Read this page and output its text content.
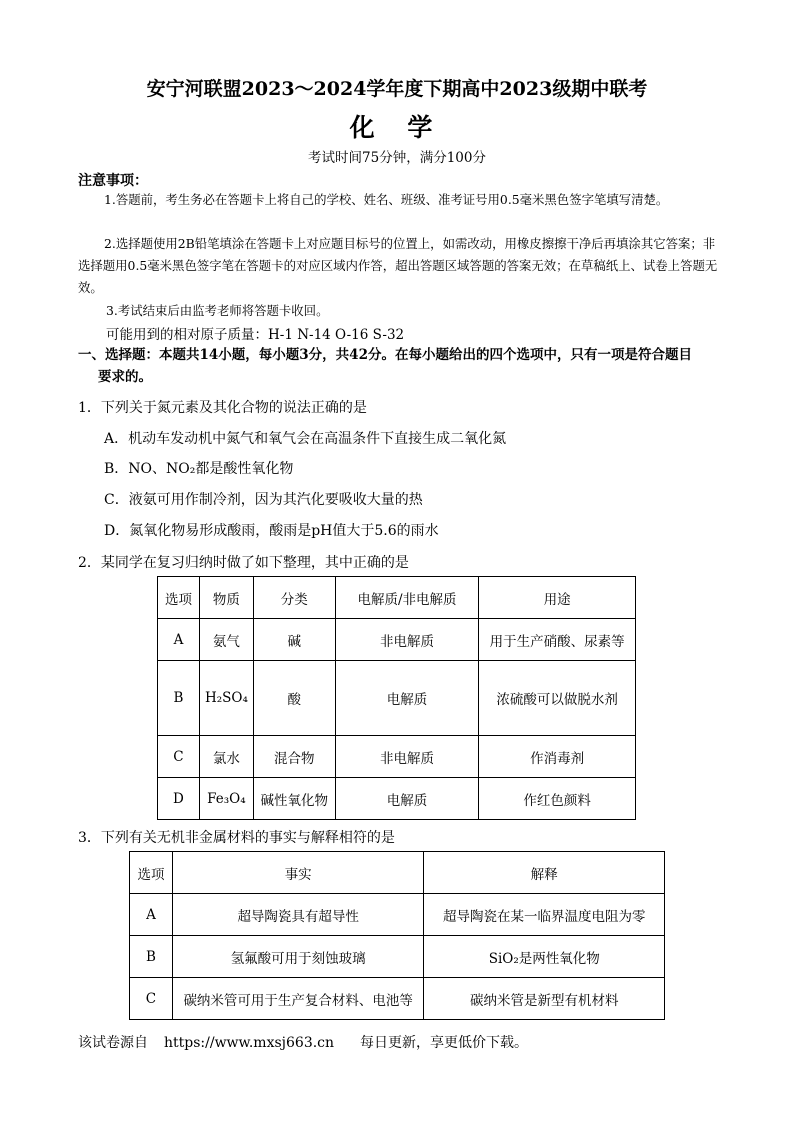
安宁河联盟2023～2024学年度下期高中2023级期中联考
化 学
考试时间75分钟，满分100分
注意事项：
1.答题前，考生务必在答题卡上将自己的学校、姓名、班级、准考证号用0.5毫米黑色签字笔填写清楚。
2.选择题使用2B铅笔填涂在答题卡上对应题目标号的位置上，如需改动，用橡皮擦擦干净后再填涂其它答案；非选择题用0.5毫米黑色签字笔在答题卡的对应区域内作答，超出答题区域答题的答案无效；在草稿纸上、试卷上答题无效。
3.考试结束后由监考老师将答题卡收回。
可能用到的相对原子质量：H-1 N-14 O-16 S-32
一、选择题：本题共14小题，每小题3分，共42分。在每小题给出的四个选项中，只有一项是符合题目
要求的。
1．下列关于氮元素及其化合物的说法正确的是
A．机动车发动机中氮气和氧气会在高温条件下直接生成二氧化氮
B．NO、NO₂都是酸性氧化物
C．液氨可用作制冷剂，因为其汽化要吸收大量的热
D．氮氧化物易形成酸雨，酸雨是pH值大于5.6的雨水
2．某同学在复习归纳时做了如下整理，其中正确的是
选项	物质	分类	电解质/非电解质	用途
A	氨气	碱	非电解质	用于生产硝酸、尿素等
B	H₂SO₄	酸	电解质	浓硫酸可以做脱水剂
C	氯水	混合物	非电解质	作消毒剂
D	Fe₃O₄	碱性氧化物	电解质	作红色颜料
3．下列有关无机非金属材料的事实与解释相符的是
选项	事实	解释
A	超导陶瓷具有超导性	超导陶瓷在某一临界温度电阻为零
B	氢氟酸可用于刻蚀玻璃	SiO₂是两性氧化物
C	碳纳米管可用于生产复合材料、电池等	碳纳米管是新型有机材料
该试卷源自 https://www.mxsj663.cn 每日更新，享更低价下载。
